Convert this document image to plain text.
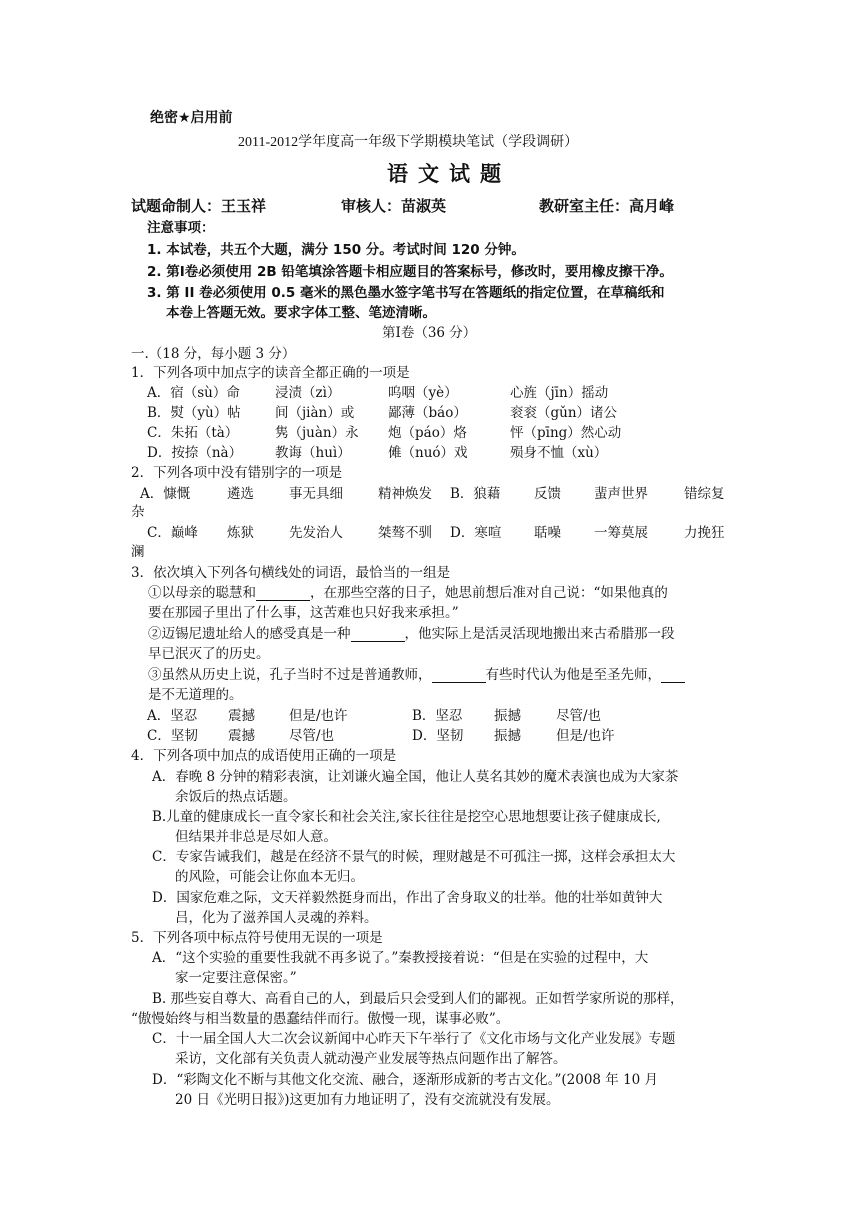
绝密★启用前
2011-2012学年度高一年级下学期模块笔试（学段调研）
语文试题
试题命制人：王玉祥	审核人：苗淑英	教研室主任：高月峰
注意事项：
1. 本试卷，共五个大题，满分 150 分。考试时间 120 分钟。
2. 第Ⅰ卷必须使用 2B 铅笔填涂答题卡相应题目的答案标号，修改时，要用橡皮擦干净。
3. 第 II 卷必须使用 0.5 毫米的黑色墨水签字笔书写在答题纸的指定位置，在草稿纸和
本卷上答题无效。要求字体工整、笔迹清晰。
第Ⅰ卷（36 分）
一.（18 分，每小题 3 分）
1．下列各项中加点字的读音全都正确的一项是
A．宿（sù）命	浸渍（zì）	呜咽（yè）	心旌（jīn）摇动
B．熨（yù）帖	间（jiàn）或	鄙薄（báo）	衮衮（gǔn）诸公
C．朱拓（tà）	隽（juàn）永 炮（páo）烙	怦（pīng）然心动
D．按捺（nà） 教诲（huì）	傩（nuó）戏	殒身不恤（xù）
2．下列各项中没有错别字的一项是
A．慷慨	遴选	事无具细	精神焕发 B．狼藉 反馈 蜚声世界	错综复
杂
C．巅峰 炼狱	先发治人	桀骜不驯 D．寒喧 聒噪 一筹莫展	力挽狂
澜
3．依次填入下列各句横线处的词语，最恰当的一组是
①以母亲的聪慧和	，在那些空落的日子，她思前想后准对自己说：“如果他真的
要在那园子里出了什么事，这苦难也只好我来承担。”
②迈锡尼遗址给人的感受真是一种	，他实际上是活灵活现地搬出来古希腊那一段
早已泯灭了的历史。
③虽然从历史上说，孔子当时不过是普通教师，	有些时代认为他是至圣先师，
是不无道理的。
A．坚忍 震撼	但是/也许	B．坚忍 振撼	尽管/也
C．坚韧 震撼	尽管/也	D．坚韧 振撼	但是/也许
4．下列各项中加点的成语使用正确的一项是
A．春晚 8 分钟的精彩表演，让刘谦火遍全国，他让人莫名其妙的魔术表演也成为大家茶
余饭后的热点话题。
B.儿童的健康成长一直令家长和社会关注,家长往往是挖空心思地想要让孩子健康成长,
但结果并非总是尽如人意。
C．专家告诫我们，越是在经济不景气的时候，理财越是不可孤注一掷，这样会承担太大
的风险，可能会让你血本无归。
D．国家危难之际，文天祥毅然挺身而出，作出了舍身取义的壮举。他的壮举如黄钟大
吕，化为了滋养国人灵魂的养料。
5．下列各项中标点符号使用无误的一项是
A．“这个实验的重要性我就不再多说了。”秦教授接着说：“但是在实验的过程中，大
家一定要注意保密。”
B. 那些妄自尊大、高看自己的人，到最后只会受到人们的鄙视。正如哲学家所说的那样，
“傲慢始终与相当数量的愚蠢结伴而行。傲慢一现，谋事必败”。
C．十一届全国人大二次会议新闻中心昨天下午举行了《文化市场与文化产业发展》专题
采访，文化部有关负责人就动漫产业发展等热点问题作出了解答。
D．“彩陶文化不断与其他文化交流、融合，逐渐形成新的考古文化。”(2008 年 10 月
20 日《光明日报》)这更加有力地证明了，没有交流就没有发展。
